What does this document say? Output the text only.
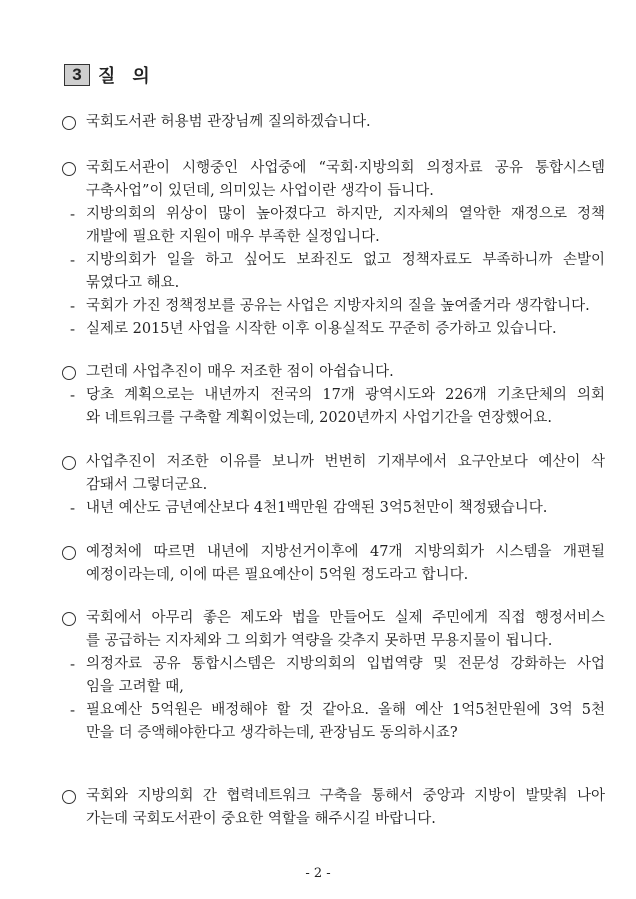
3 질 의
국회도서관 허용범 관장님께 질의하겠습니다.
국회도서관이 시행중인 사업중에 “국회·지방의회 의정자료 공유 통합시스템
구축사업”이 있던데, 의미있는 사업이란 생각이 듭니다.
- 지방의회의 위상이 많이 높아졌다고 하지만, 지자체의 열악한 재정으로 정책
개발에 필요한 지원이 매우 부족한 실정입니다.
- 지방의회가 일을 하고 싶어도 보좌진도 없고 정책자료도 부족하니까 손발이
묶였다고 해요.
- 국회가 가진 정책정보를 공유는 사업은 지방자치의 질을 높여줄거라 생각합니다.
- 실제로 2015년 사업을 시작한 이후 이용실적도 꾸준히 증가하고 있습니다.
그런데 사업추진이 매우 저조한 점이 아쉽습니다.
- 당초 계획으로는 내년까지 전국의 17개 광역시도와 226개 기초단체의 의회
와 네트워크를 구축할 계획이었는데, 2020년까지 사업기간을 연장했어요.
사업추진이 저조한 이유를 보니까 번번히 기재부에서 요구안보다 예산이 삭
감돼서 그렇더군요.
- 내년 예산도 금년예산보다 4천1백만원 감액된 3억5천만이 책정됐습니다.
예정처에 따르면 내년에 지방선거이후에 47개 지방의회가 시스템을 개편될
예정이라는데, 이에 따른 필요예산이 5억원 정도라고 합니다.
국회에서 아무리 좋은 제도와 법을 만들어도 실제 주민에게 직접 행정서비스
를 공급하는 지자체와 그 의회가 역량을 갖추지 못하면 무용지물이 됩니다.
- 의정자료 공유 통합시스템은 지방의회의 입법역량 및 전문성 강화하는 사업
임을 고려할 때,
- 필요예산 5억원은 배정해야 할 것 같아요. 올해 예산 1억5천만원에 3억 5천
만을 더 증액해야한다고 생각하는데, 관장님도 동의하시죠?
국회와 지방의회 간 협력네트워크 구축을 통해서 중앙과 지방이 발맞춰 나아
가는데 국회도서관이 중요한 역할을 해주시길 바랍니다.
- 2 -
